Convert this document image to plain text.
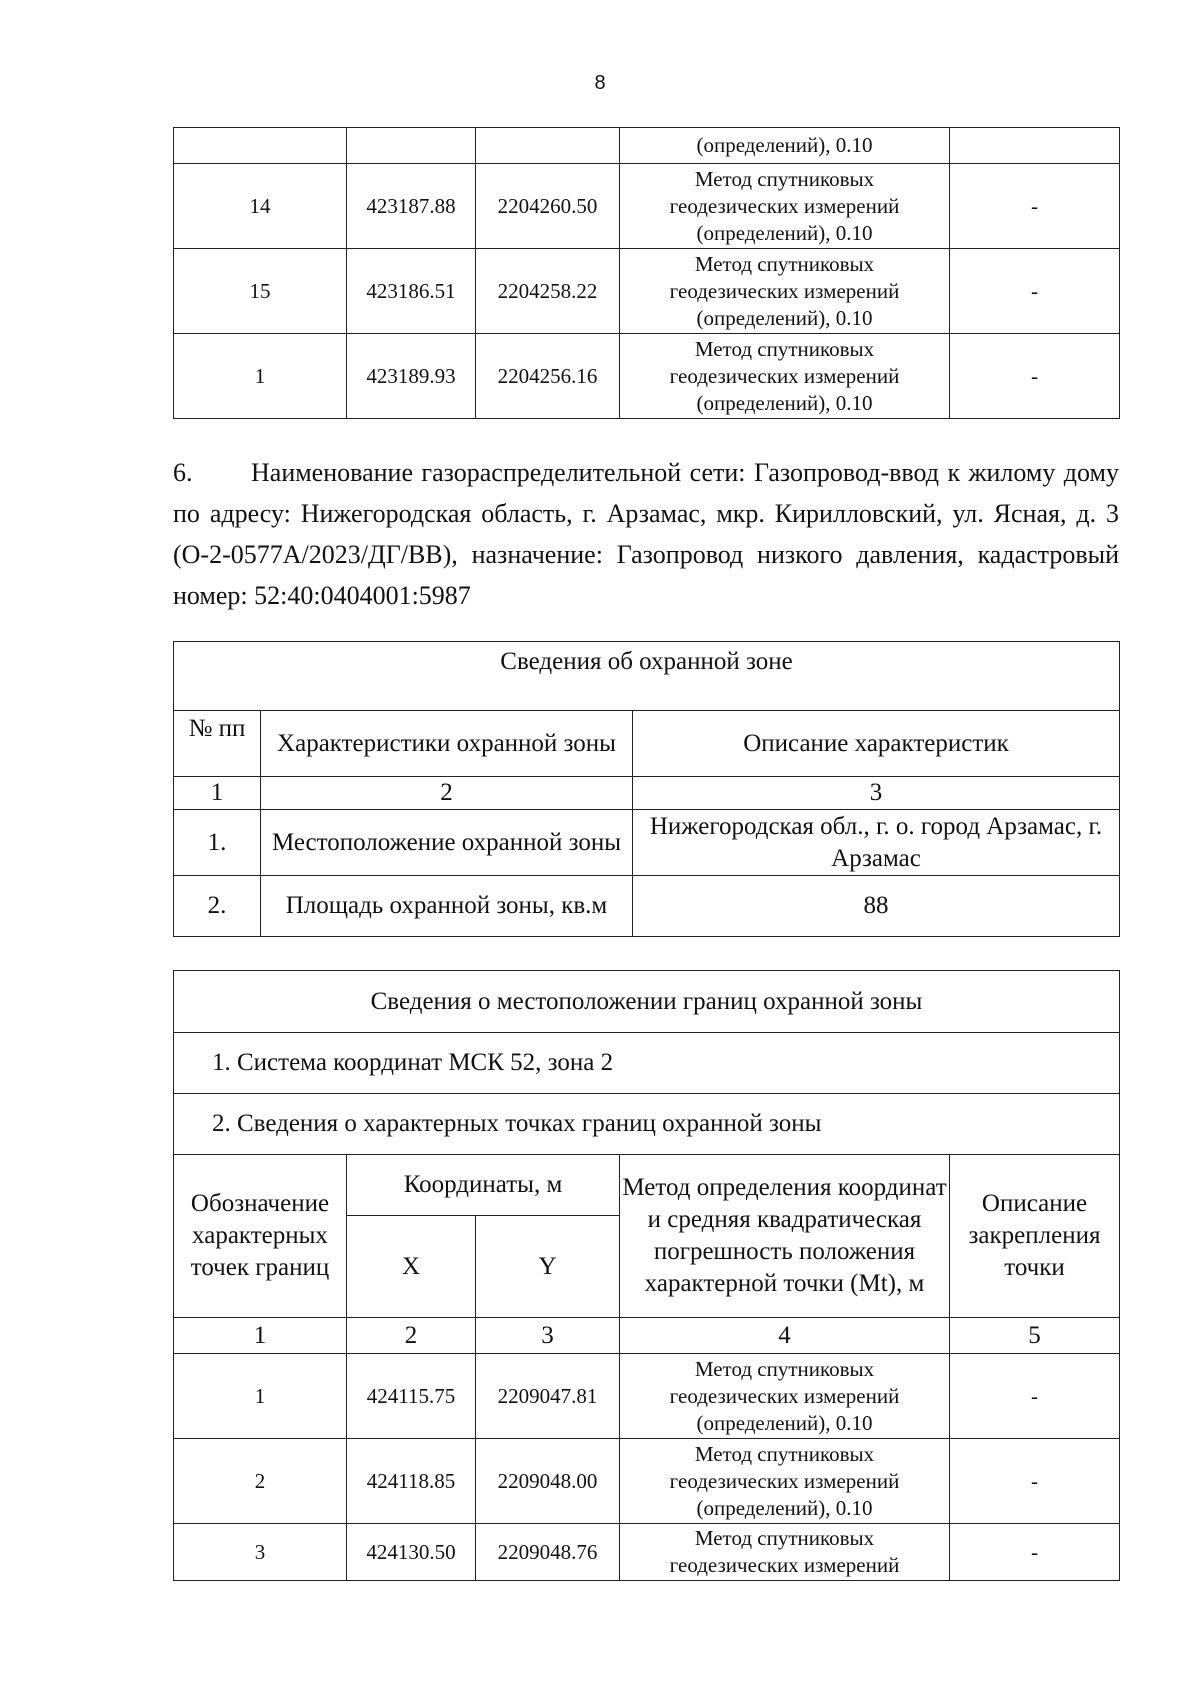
8
			(определений), 0.10	
14	423187.88	2204260.50	Метод спутниковых
геодезических измерений
(определений), 0.10	-
15	423186.51	2204258.22	Метод спутниковых
геодезических измерений
(определений), 0.10	-
1	423189.93	2204256.16	Метод спутниковых
геодезических измерений
(определений), 0.10	-
6. Наименование газораспределительной сети: Газопровод-ввод к жилому дому по адресу: Нижегородская область, г. Арзамас, мкр. Кирилловский, ул. Ясная, д. 3 (О-2-0577А/2023/ДГ/ВВ), назначение: Газопровод низкого давления, кадастровый номер: 52:40:0404001:5987
Сведения об охранной зоне		
№ пп	Характеристики охранной зоны	Описание характеристик
1	2	3
1.	Местоположение охранной зоны	Нижегородская обл., г. о. город Арзамас, г. Арзамас
2.	Площадь охранной зоны, кв.м	88
Сведения о местоположении границ охранной зоны				
1. Система координат МСК 52, зона 2				
2. Сведения о характерных точках границ охранной зоны				
Обозначение характерных точек границ	Координаты, м		Метод определения координат и средняя квадратическая погрешность положения характерной точки (Mt), м	Описание закрепления точки
	X	Y		
1	2	3	4	5
1	424115.75	2209047.81	Метод спутниковых
геодезических измерений
(определений), 0.10	-
2	424118.85	2209048.00	Метод спутниковых
геодезических измерений
(определений), 0.10	-
3	424130.50	2209048.76	Метод спутниковых
геодезических измерений	-
